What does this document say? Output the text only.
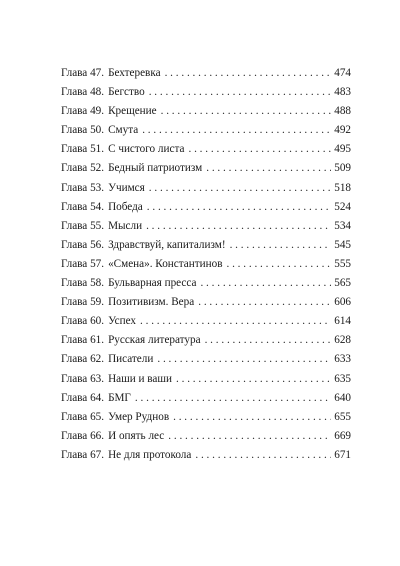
Глава 47. Бехтеревка . . .	474
Глава 48. Бегство . . .	483
Глава 49. Крещение . . .	488
Глава 50. Смута . . .	492
Глава 51. С чистого листа . . .	495
Глава 52. Бедный патриотизм . . .	509
Глава 53. Учимся . . .	518
Глава 54. Победа . . .	524
Глава 55. Мысли . . .	534
Глава 56. Здравствуй, капитализм! . . .	545
Глава 57. «Смена». Константинов . . .	555
Глава 58. Бульварная пресса . . .	565
Глава 59. Позитивизм. Вера . . .	606
Глава 60. Успех . . .	614
Глава 61. Русская литература . . .	628
Глава 62. Писатели . . .	633
Глава 63. Наши и ваши . . .	635
Глава 64. БМГ . . .	640
Глава 65. Умер Руднов . . .	655
Глава 66. И опять лес . . .	669
Глава 67. Не для протокола . . .	671
